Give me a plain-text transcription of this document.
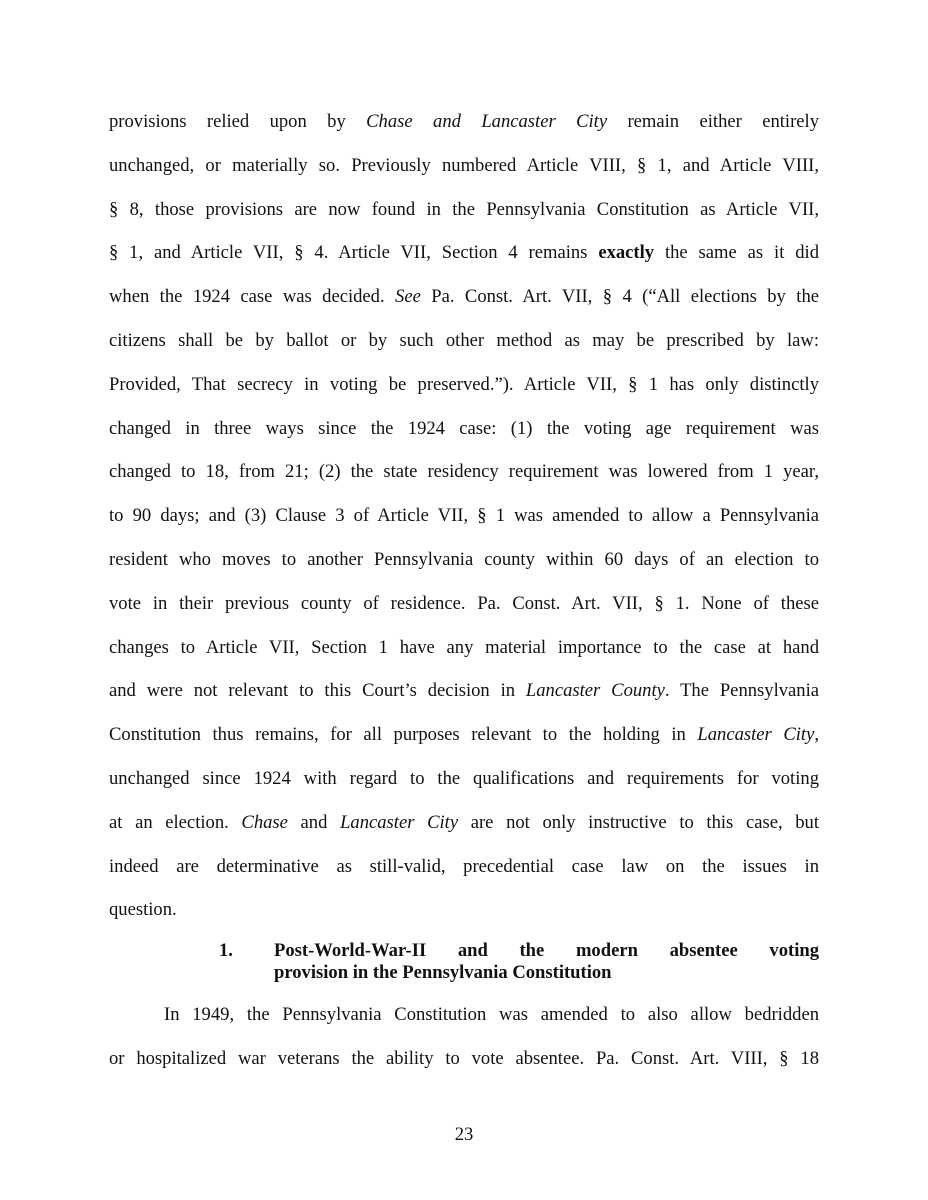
provisions relied upon by Chase and Lancaster City remain either entirely
unchanged, or materially so. Previously numbered Article VIII, § 1, and Article VIII,
§ 8, those provisions are now found in the Pennsylvania Constitution as Article VII,
§ 1, and Article VII, § 4. Article VII, Section 4 remains exactly the same as it did
when the 1924 case was decided. See Pa. Const. Art. VII, § 4 (“All elections by the
citizens shall be by ballot or by such other method as may be prescribed by law:
Provided, That secrecy in voting be preserved.”). Article VII, § 1 has only distinctly
changed in three ways since the 1924 case: (1) the voting age requirement was
changed to 18, from 21; (2) the state residency requirement was lowered from 1 year,
to 90 days; and (3) Clause 3 of Article VII, § 1 was amended to allow a Pennsylvania
resident who moves to another Pennsylvania county within 60 days of an election to
vote in their previous county of residence. Pa. Const. Art. VII, § 1. None of these
changes to Article VII, Section 1 have any material importance to the case at hand
and were not relevant to this Court’s decision in Lancaster County. The Pennsylvania
Constitution thus remains, for all purposes relevant to the holding in Lancaster City,
unchanged since 1924 with regard to the qualifications and requirements for voting
at an election. Chase and Lancaster City are not only instructive to this case, but
indeed are determinative as still-valid, precedential case law on the issues in
question.
1. Post-World-War-II and the modern absentee voting
provision in the Pennsylvania Constitution
In 1949, the Pennsylvania Constitution was amended to also allow bedridden
or hospitalized war veterans the ability to vote absentee. Pa. Const. Art. VIII, § 18
23
